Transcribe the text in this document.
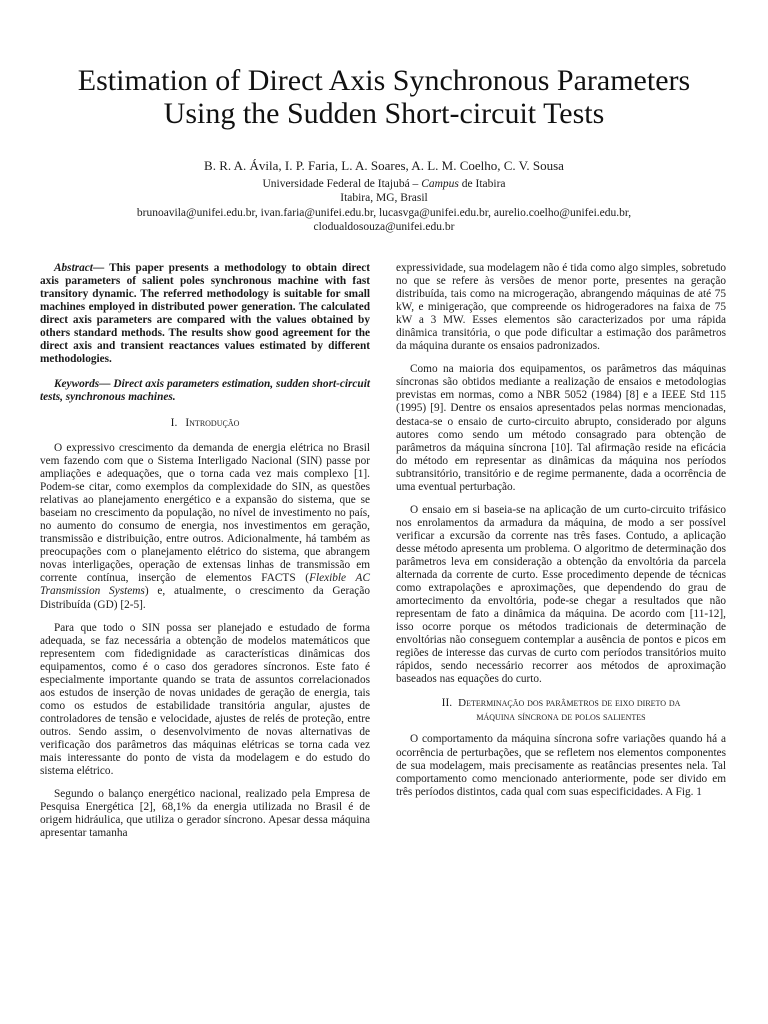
Estimation of Direct Axis Synchronous Parameters
Using the Sudden Short-circuit Tests
B. R. A. Ávila, I. P. Faria, L. A. Soares, A. L. M. Coelho, C. V. Sousa
Universidade Federal de Itajubá – Campus de Itabira
Itabira, MG, Brasil
brunoavila@unifei.edu.br, ivan.faria@unifei.edu.br, lucasvga@unifei.edu.br, aurelio.coelho@unifei.edu.br,
clodualdosouza@unifei.edu.br

Abstract— This paper presents a methodology to obtain direct axis parameters of salient poles synchronous machine with fast transitory dynamic. The referred methodology is suitable for small machines employed in distributed power generation. The calculated direct axis parameters are compared with the values obtained by others standard methods. The results show good agreement for the direct axis and transient reactances values estimated by different methodologies.

Keywords— Direct axis parameters estimation, sudden short-circuit tests, synchronous machines.

I. Introdução

O expressivo crescimento da demanda de energia elétrica no Brasil vem fazendo com que o Sistema Interligado Nacional (SIN) passe por ampliações e adequações, que o torna cada vez mais complexo [1]. Podem-se citar, como exemplos da complexidade do SIN, as questões relativas ao planejamento energético e a expansão do sistema, que se baseiam no crescimento da população, no nível de investimento no país, no aumento do consumo de energia, nos investimentos em geração, transmissão e distribuição, entre outros. Adicionalmente, há também as preocupações com o planejamento elétrico do sistema, que abrangem novas interligações, operação de extensas linhas de transmissão em corrente contínua, inserção de elementos FACTS (Flexible AC Transmission Systems) e, atualmente, o crescimento da Geração Distribuída (GD) [2-5].

Para que todo o SIN possa ser planejado e estudado de forma adequada, se faz necessária a obtenção de modelos matemáticos que representem com fidedignidade as características dinâmicas dos equipamentos, como é o caso dos geradores síncronos. Este fato é especialmente importante quando se trata de assuntos correlacionados aos estudos de inserção de novas unidades de geração de energia, tais como os estudos de estabilidade transitória angular, ajustes de controladores de tensão e velocidade, ajustes de relés de proteção, entre outros. Sendo assim, o desenvolvimento de novas alternativas de verificação dos parâmetros das máquinas elétricas se torna cada vez mais interessante do ponto de vista da modelagem e do estudo do sistema elétrico.

Segundo o balanço energético nacional, realizado pela Empresa de Pesquisa Energética [2], 68,1% da energia utilizada no Brasil é de origem hidráulica, que utiliza o gerador síncrono. Apesar dessa máquina apresentar tamanha

expressividade, sua modelagem não é tida como algo simples, sobretudo no que se refere às versões de menor porte, presentes na geração distribuída, tais como na microgeração, abrangendo máquinas de até 75 kW, e minigeração, que compreende os hidrogeradores na faixa de 75 kW a 3 MW. Esses elementos são caracterizados por uma rápida dinâmica transitória, o que pode dificultar a estimação dos parâmetros da máquina durante os ensaios padronizados.

Como na maioria dos equipamentos, os parâmetros das máquinas síncronas são obtidos mediante a realização de ensaios e metodologias previstas em normas, como a NBR 5052 (1984) [8] e a IEEE Std 115 (1995) [9]. Dentre os ensaios apresentados pelas normas mencionadas, destaca-se o ensaio de curto-circuito abrupto, considerado por alguns autores como sendo um método consagrado para obtenção de parâmetros da máquina síncrona [10]. Tal afirmação reside na eficácia do método em representar as dinâmicas da máquina nos períodos subtransitório, transitório e de regime permanente, dada a ocorrência de uma eventual perturbação.

O ensaio em si baseia-se na aplicação de um curto-circuito trifásico nos enrolamentos da armadura da máquina, de modo a ser possível verificar a excursão da corrente nas três fases. Contudo, a aplicação desse método apresenta um problema. O algoritmo de determinação dos parâmetros leva em consideração a obtenção da envoltória da parcela alternada da corrente de curto. Esse procedimento depende de técnicas como extrapolações e aproximações, que dependendo do grau de amortecimento da envoltória, pode-se chegar a resultados que não representam de fato a dinâmica da máquina. De acordo com [11-12], isso ocorre porque os métodos tradicionais de determinação de envoltórias não conseguem contemplar a ausência de pontos e picos em regiões de interesse das curvas de curto com períodos transitórios muito rápidos, sendo necessário recorrer aos métodos de aproximação baseados nas equações do curto.

II. Determinação dos parâmetros de eixo direto da
máquina síncrona de polos salientes

O comportamento da máquina síncrona sofre variações quando há a ocorrência de perturbações, que se refletem nos elementos componentes de sua modelagem, mais precisamente as reatâncias presentes nela. Tal comportamento como mencionado anteriormente, pode ser divido em três períodos distintos, cada qual com suas especificidades. A Fig. 1
